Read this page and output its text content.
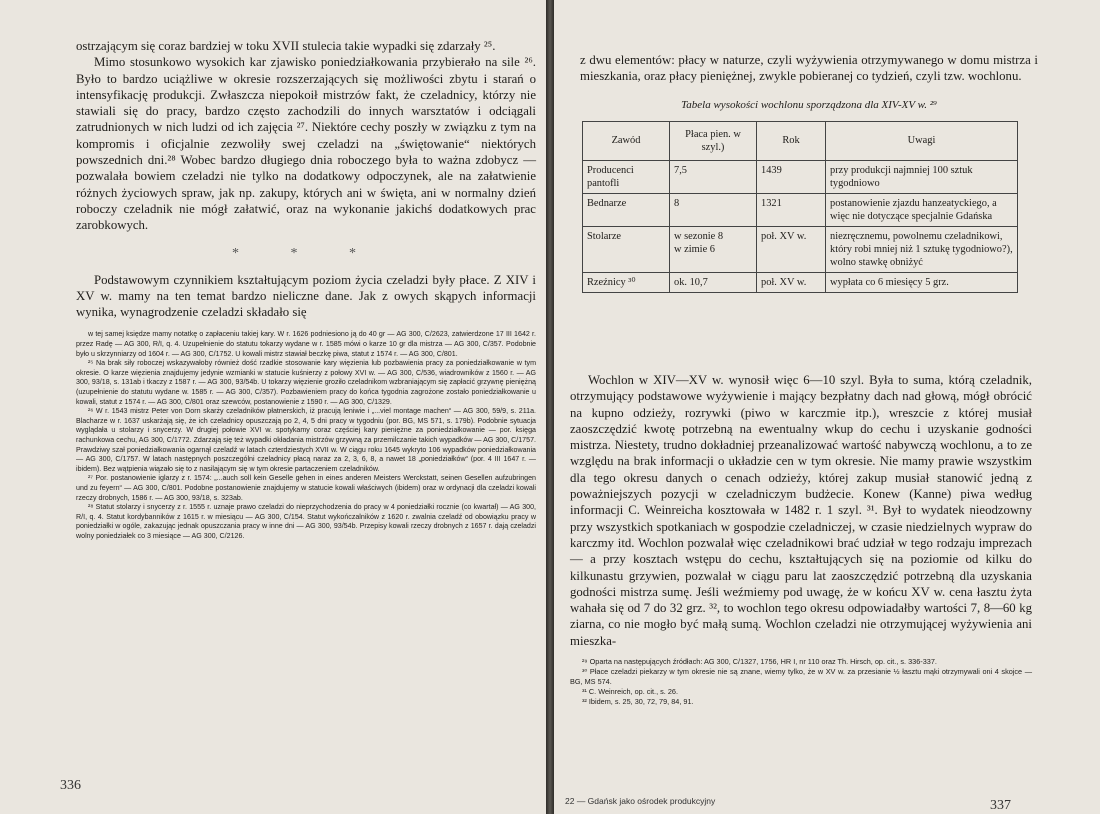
ostrzającym się coraz bardziej w toku XVII stulecia takie wypadki się zdarzały ²⁵.

Mimo stosunkowo wysokich kar zjawisko poniedziałkowania przybierało na sile ²⁶. Było to bardzo uciążliwe w okresie rozszerzających się możliwości zbytu i starań o intensyfikację produkcji. Zwłaszcza niepokoił mistrzów fakt, że czeladnicy, którzy nie stawiali się do pracy, bardzo często zachodzili do innych warsztatów i odciągali zatrudnionych w nich ludzi od ich zajęcia ²⁷. Niektóre cechy poszły w związku z tym na kompromis i oficjalnie zezwoliły swej czeladzi na „świętowanie“ niektórych powszednich dni.²⁸ Wobec bardzo długiego dnia roboczego była to ważna zdobycz — pozwalała bowiem czeladzi nie tylko na dodatkowy odpoczynek, ale na załatwienie różnych życiowych spraw, jak np. zakupy, których ani w święta, ani w normalny dzień roboczy czeladnik nie mógł załatwić, oraz na wykonanie jakichś dodatkowych prac zarobkowych.

* * *

Podstawowym czynnikiem kształtującym poziom życia czeladzi były płace. Z XIV i XV w. mamy na ten temat bardzo nieliczne dane. Jak z owych skąpych informacji wynika, wynagrodzenie czeladzi składało się

w tej samej księdze mamy notatkę o zapłaceniu takiej kary. W r. 1626 podniesiono ją do 40 gr — AG 300, C/2623, zatwierdzone 17 III 1642 r. przez Radę — AG 300, R/I, q. 4. Uzupełnienie do statutu tokarzy wydane w r. 1585 mówi o karze 10 gr dla mistrza — AG 300, C/357. Podobnie było u skrzynniarzy od 1604 r. — AG 300, C/1752. U kowali mistrz stawiał beczkę piwa, statut z 1574 r. — AG 300, C/801.

²⁵ Na brak siły roboczej wskazywałoby również dość rzadkie stosowanie kary więzienia lub pozbawienia pracy za poniedziałkowanie w tym okresie. O karze więzienia znajdujemy jedynie wzmianki w statucie kuśnierzy z połowy XVI w. — AG 300, C/536, wiadrowników z 1560 r. — AG 300, 93/18, s. 131ab i tkaczy z 1587 r. — AG 300, 93/54b. U tokarzy więzienie groziło czeladnikom wzbraniającym się zapłacić grzywnę pieniężną (uzupełnienie do statutu wydane w. 1585 r. — AG 300, C/357). Pozbawieniem pracy do końca tygodnia zagrożone zostało poniedziałkowanie u kowali, statut z 1574 r. — AG 300, C/801 oraz szewców, postanowienie z 1590 r. — AG 300, C/1329.

²⁶ W r. 1543 mistrz Peter von Dorn skarży czeladników płatnerskich, iż pracują leniwie i „...viel montage machen“ — AG 300, 59/9, s. 211a. Blacharze w r. 1637 uskarżają się, że ich czeladnicy opuszczają po 2, 4, 5 dni pracy w tygodniu (por. BG, MS 571, s. 179b). Podobnie sytuacja wyglądała u stolarzy i snycerzy. W drugiej połowie XVI w. spotykamy coraz częściej kary pieniężne za poniedziałkowanie — por. księga rachunkowa cechu, AG 300, C/1772. Zdarzają się też wypadki okładania mistrzów grzywną za przemilczanie takich wypadków — AG 300, C/1757. Prawdziwy szał poniedziałkowania ogarnął czeladź w latach czterdziestych XVII w. W ciągu roku 1645 wykryto 106 wypadków poniedziałkowania — AG 300, C/1757. W latach następnych poszczególni czeladnicy płacą naraz za 2, 3, 6, 8, a nawet 18 „poniedziałków“ (por. 4 III 1647 r. — ibidem). Bez wątpienia wiązało się to z nasilającym się w tym okresie partaczeniem czeladników.

²⁷ Por. postanowienie iglarzy z r. 1574: „...auch soll kein Geselle gehen in eines anderen Meisters Werckstatt, seinen Gesellen aufzubringen und zu feyern“ — AG 300, C/801. Podobne postanowienie znajdujemy w statucie kowali właściwych (ibidem) oraz w ordynacji dla czeladzi kowali rzeczy drobnych, 1586 r. — AG 300, 93/18, s. 323ab.

²⁸ Statut stolarzy i snycerzy z r. 1555 r. uznaje prawo czeladzi do nieprzychodzenia do pracy w 4 poniedziałki rocznie (co kwartał) — AG 300, R/I, q. 4. Statut kordybanników z 1615 r. w miesiącu — AG 300, C/154. Statut wykończalników z 1620 r. zwalnia czeladź od obowiązku pracy w poniedziałki w ogóle, zakazując jednak opuszczania pracy w inne dni — AG 300, 93/54b. Przepisy kowali rzeczy drobnych z 1657 r. dają czeladzi wolny poniedziałek co 3 miesiące — AG 300, C/2126.

336

z dwu elementów: płacy w naturze, czyli wyżywienia otrzymywanego w domu mistrza i mieszkania, oraz płacy pieniężnej, zwykle pobieranej co tydzień, czyli tzw. wochlonu.

Tabela wysokości wochlonu sporządzona dla XIV-XV w. ²⁹
Zawód	Płaca pien. w szyl.)	Rok	Uwagi
Producenci pantofli	7,5	1439	przy produkcji najmniej 100 sztuk tygodniowo
Bednarze	8	1321	postanowienie zjazdu hanzeatyckiego, a więc nie dotyczące specjalnie Gdańska
Stolarze	w sezonie 8
w zimie 6	poł. XV w.	niezręcznemu, powolnemu czeladnikowi, który robi mniej niż 1 sztukę tygodniowo?), wolno stawkę obniżyć
Rzeźnicy ³⁰	ok. 10,7	poł. XV w.	wypłata co 6 miesięcy 5 grz.

Wochlon w XIV—XV w. wynosił więc 6—10 szyl. Była to suma, którą czeladnik, otrzymujący podstawowe wyżywienie i mający bezpłatny dach nad głową, mógł obrócić na kupno odzieży, rozrywki (piwo w karczmie itp.), wreszcie z której musiał zaoszczędzić kwotę potrzebną na ewentualny wkup do cechu i uzyskanie godności mistrza. Niestety, trudno dokładniej przeanalizować wartość nabywczą wochlonu, a to ze względu na brak informacji o układzie cen w tym okresie. Nie mamy prawie wszystkim dla tego okresu danych o cenach odzieży, której zakup musiał stanowić jedną z poważniejszych pozycji w czeladniczym budżecie. Konew (Kanne) piwa według informacji C. Weinreicha kosztowała w 1482 r. 1 szyl. ³¹. Był to wydatek nieodzowny przy wszystkich spotkaniach w gospodzie czeladniczej, w czasie niedzielnych wypraw do karczmy itd. Wochlon pozwalał więc czeladnikowi brać udział w tego rodzaju imprezach — a przy kosztach wstępu do cechu, kształtujących się na poziomie od kilku do kilkunastu grzywien, pozwalał w ciągu paru lat zaoszczędzić potrzebną dla uzyskania godności mistrza sumę. Jeśli weźmiemy pod uwagę, że w końcu XV w. cena łasztu żyta wahała się od 7 do 32 grz. ³², to wochlon tego okresu odpowiadałby wartości 7, 8—60 kg ziarna, co nie mogło być małą sumą. Wochlon czeladzi nie otrzymującej wyżywienia ani mieszka-

²⁹ Oparta na następujących źródłach: AG 300, C/1327, 1756, HR I, nr 110 oraz Th. Hirsch, op. cit., s. 336-337.

³⁰ Płace czeladzi piekarzy w tym okresie nie są znane, wiemy tylko, że w XV w. za przesianie ½ łasztu mąki otrzymywali oni 4 skojce — BG, MS 574.

³¹ C. Weinreich, op. cit., s. 26.

³² Ibidem, s. 25, 30, 72, 79, 84, 91.

22 — Gdańsk jako ośrodek produkcyjny	337
